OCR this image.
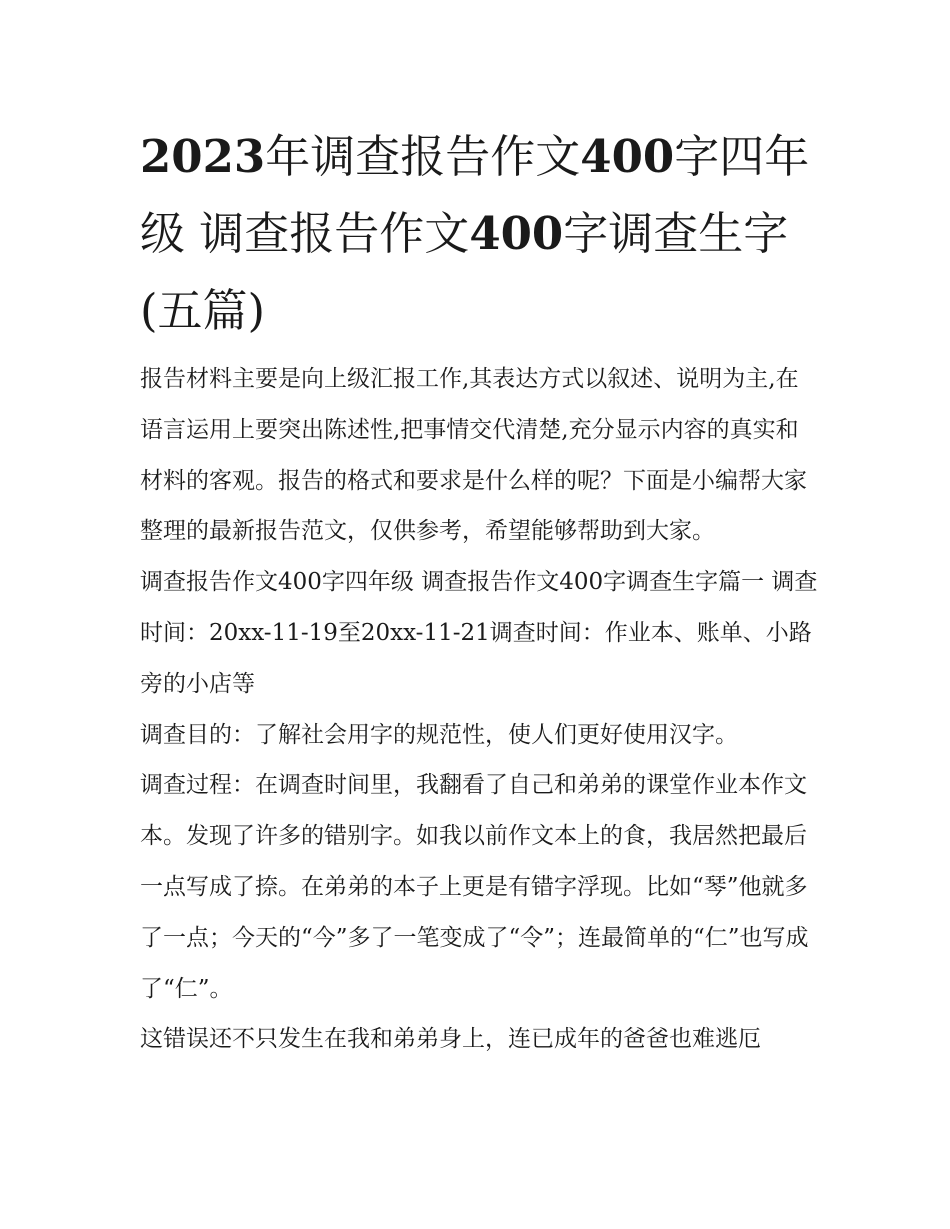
2023年调查报告作文400字四年级 调查报告作文400字调查生字(五篇)

报告材料主要是向上级汇报工作,其表达方式以叙述、说明为主,在语言运用上要突出陈述性,把事情交代清楚,充分显示内容的真实和材料的客观。报告的格式和要求是什么样的呢？下面是小编帮大家整理的最新报告范文，仅供参考，希望能够帮助到大家。

调查报告作文400字四年级 调查报告作文400字调查生字篇一 调查时间：20xx-11-19至20xx-11-21调查时间：作业本、账单、小路旁的小店等

调查目的：了解社会用字的规范性，使人们更好使用汉字。

调查过程：在调查时间里，我翻看了自己和弟弟的课堂作业本作文本。发现了许多的错别字。如我以前作文本上的食，我居然把最后一点写成了捺。在弟弟的本子上更是有错字浮现。比如“琴”他就多了一点；今天的“今”多了一笔变成了“令”；连最简单的“仁”也写成了“仁”。

这错误还不只发生在我和弟弟身上，连已成年的爸爸也难逃厄
